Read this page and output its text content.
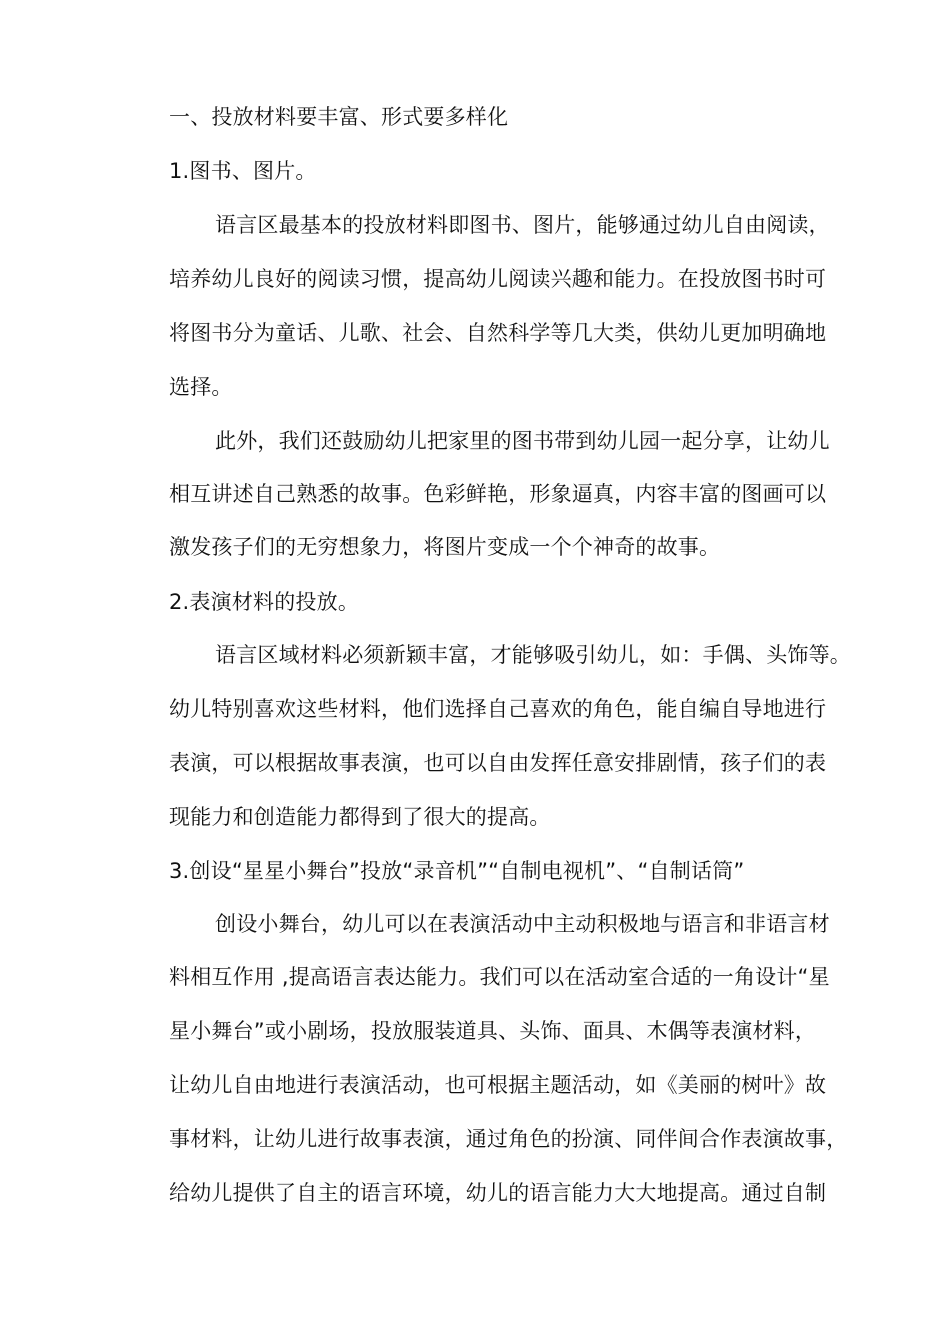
一、投放材料要丰富、形式要多样化
1.图书、图片。
语言区最基本的投放材料即图书、图片，能够通过幼儿自由阅读，
培养幼儿良好的阅读习惯，提高幼儿阅读兴趣和能力。在投放图书时可
将图书分为童话、儿歌、社会、自然科学等几大类，供幼儿更加明确地
选择。
此外，我们还鼓励幼儿把家里的图书带到幼儿园一起分享，让幼儿
相互讲述自己熟悉的故事。色彩鲜艳，形象逼真，内容丰富的图画可以
激发孩子们的无穷想象力，将图片变成一个个神奇的故事。
2.表演材料的投放。
语言区域材料必须新颖丰富，才能够吸引幼儿，如：手偶、头饰等。
幼儿特别喜欢这些材料，他们选择自己喜欢的角色，能自编自导地进行
表演，可以根据故事表演，也可以自由发挥任意安排剧情，孩子们的表
现能力和创造能力都得到了很大的提高。
3.创设“星星小舞台”投放“录音机”“自制电视机”、“自制话筒”
创设小舞台，幼儿可以在表演活动中主动积极地与语言和非语言材
料相互作用 ,提高语言表达能力。我们可以在活动室合适的一角设计“星
星小舞台”或小剧场，投放服装道具、头饰、面具、木偶等表演材料，
让幼儿自由地进行表演活动，也可根据主题活动，如《美丽的树叶》故
事材料，让幼儿进行故事表演，通过角色的扮演、同伴间合作表演故事，
给幼儿提供了自主的语言环境，幼儿的语言能力大大地提高。通过自制
